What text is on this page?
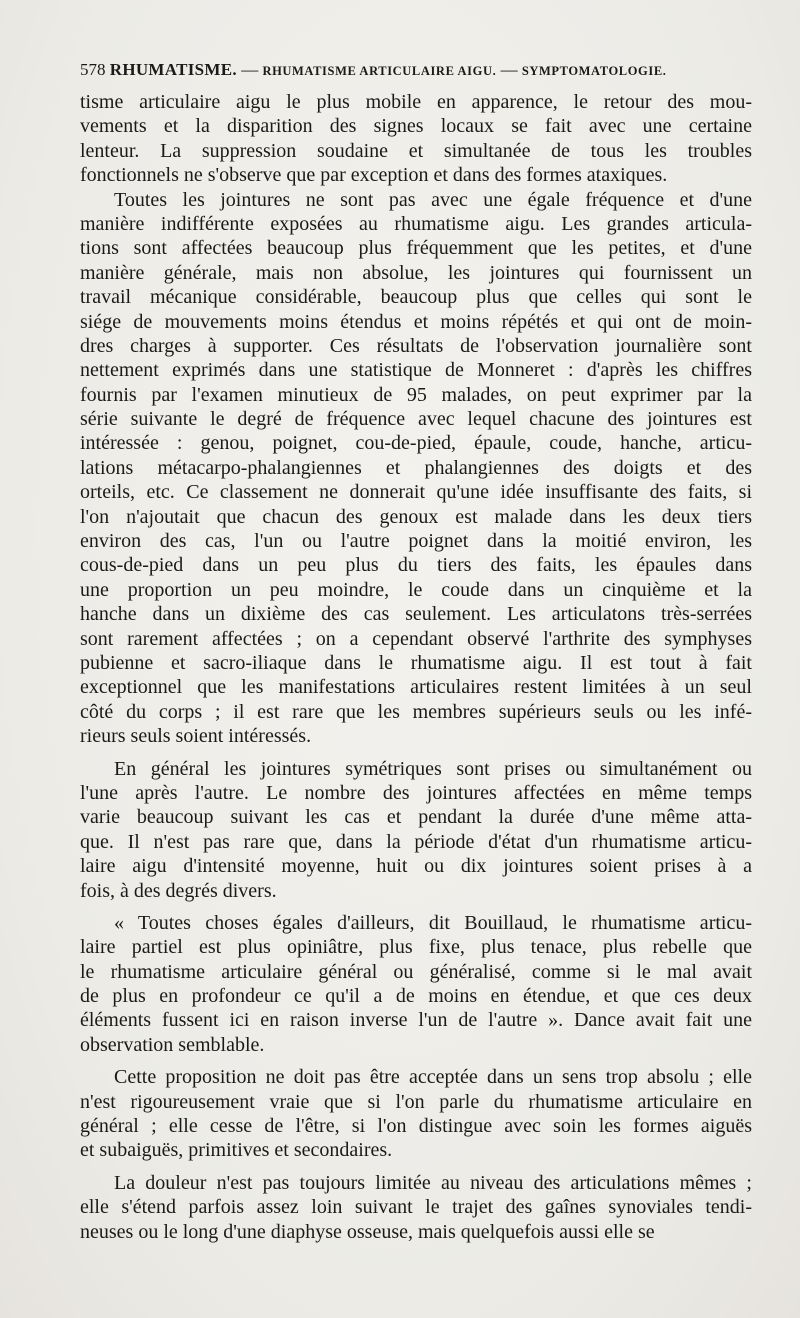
578 RHUMATISME. — RHUMATISME ARTICULAIRE AIGU. — SYMPTOMATOLOGIE.
tisme articulaire aigu le plus mobile en apparence, le retour des mou-
vements et la disparition des signes locaux se fait avec une certaine
lenteur. La suppression soudaine et simultanée de tous les troubles
fonctionnels ne s'observe que par exception et dans des formes ataxiques.
Toutes les jointures ne sont pas avec une égale fréquence et d'une
manière indifférente exposées au rhumatisme aigu. Les grandes articula-
tions sont affectées beaucoup plus fréquemment que les petites, et d'une
manière générale, mais non absolue, les jointures qui fournissent un
travail mécanique considérable, beaucoup plus que celles qui sont le
siége de mouvements moins étendus et moins répétés et qui ont de moin-
dres charges à supporter. Ces résultats de l'observation journalière sont
nettement exprimés dans une statistique de Monneret : d'après les chiffres
fournis par l'examen minutieux de 95 malades, on peut exprimer par la
série suivante le degré de fréquence avec lequel chacune des jointures est
intéressée : genou, poignet, cou-de-pied, épaule, coude, hanche, articu-
lations métacarpo-phalangiennes et phalangiennes des doigts et des
orteils, etc. Ce classement ne donnerait qu'une idée insuffisante des faits, si
l'on n'ajoutait que chacun des genoux est malade dans les deux tiers
environ des cas, l'un ou l'autre poignet dans la moitié environ, les
cous-de-pied dans un peu plus du tiers des faits, les épaules dans
une proportion un peu moindre, le coude dans un cinquième et la
hanche dans un dixième des cas seulement. Les articulatons très-serrées
sont rarement affectées ; on a cependant observé l'arthrite des symphyses
pubienne et sacro-iliaque dans le rhumatisme aigu. Il est tout à fait
exceptionnel que les manifestations articulaires restent limitées à un seul
côté du corps ; il est rare que les membres supérieurs seuls ou les infé-
rieurs seuls soient intéressés.
En général les jointures symétriques sont prises ou simultanément ou
l'une après l'autre. Le nombre des jointures affectées en même temps
varie beaucoup suivant les cas et pendant la durée d'une même atta-
que. Il n'est pas rare que, dans la période d'état d'un rhumatisme articu-
laire aigu d'intensité moyenne, huit ou dix jointures soient prises à a
fois, à des degrés divers.
« Toutes choses égales d'ailleurs, dit Bouillaud, le rhumatisme articu-
laire partiel est plus opiniâtre, plus fixe, plus tenace, plus rebelle que
le rhumatisme articulaire général ou généralisé, comme si le mal avait
de plus en profondeur ce qu'il a de moins en étendue, et que ces deux
éléments fussent ici en raison inverse l'un de l'autre ». Dance avait fait une
observation semblable.
Cette proposition ne doit pas être acceptée dans un sens trop absolu ; elle
n'est rigoureusement vraie que si l'on parle du rhumatisme articulaire en
général ; elle cesse de l'être, si l'on distingue avec soin les formes aiguës
et subaiguës, primitives et secondaires.
La douleur n'est pas toujours limitée au niveau des articulations mêmes ;
elle s'étend parfois assez loin suivant le trajet des gaînes synoviales tendi-
neuses ou le long d'une diaphyse osseuse, mais quelquefois aussi elle se
